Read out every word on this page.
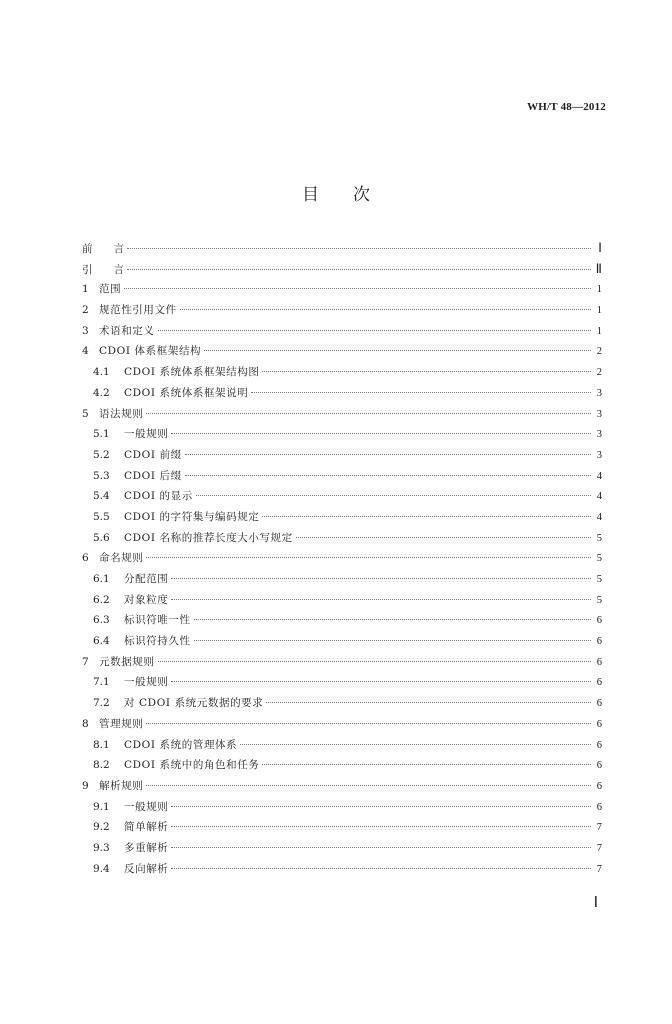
WH/T 48—2012
目次
前　　言	Ⅰ
引　　言	Ⅱ
1 范围	1
2 规范性引用文件	1
3 术语和定义	1
4 CDOI 体系框架结构	2
4.1	CDOI 系统体系框架结构图	2
4.2	CDOI 系统体系框架说明	3
5 语法规则	3
5.1	一般规则	3
5.2	CDOI 前缀	3
5.3	CDOI 后缀	4
5.4	CDOI 的显示	4
5.5	CDOI 的字符集与编码规定	4
5.6	CDOI 名称的推荐长度大小写规定	5
6 命名规则	5
6.1	分配范围	5
6.2	对象粒度	5
6.3	标识符唯一性	6
6.4	标识符持久性	6
7 元数据规则	6
7.1	一般规则	6
7.2	对 CDOI 系统元数据的要求	6
8 管理规则	6
8.1	CDOI 系统的管理体系	6
8.2	CDOI 系统中的角色和任务	6
9 解析规则	6
9.1	一般规则	6
9.2	简单解析	7
9.3	多重解析	7
9.4	反向解析	7
Ⅰ
